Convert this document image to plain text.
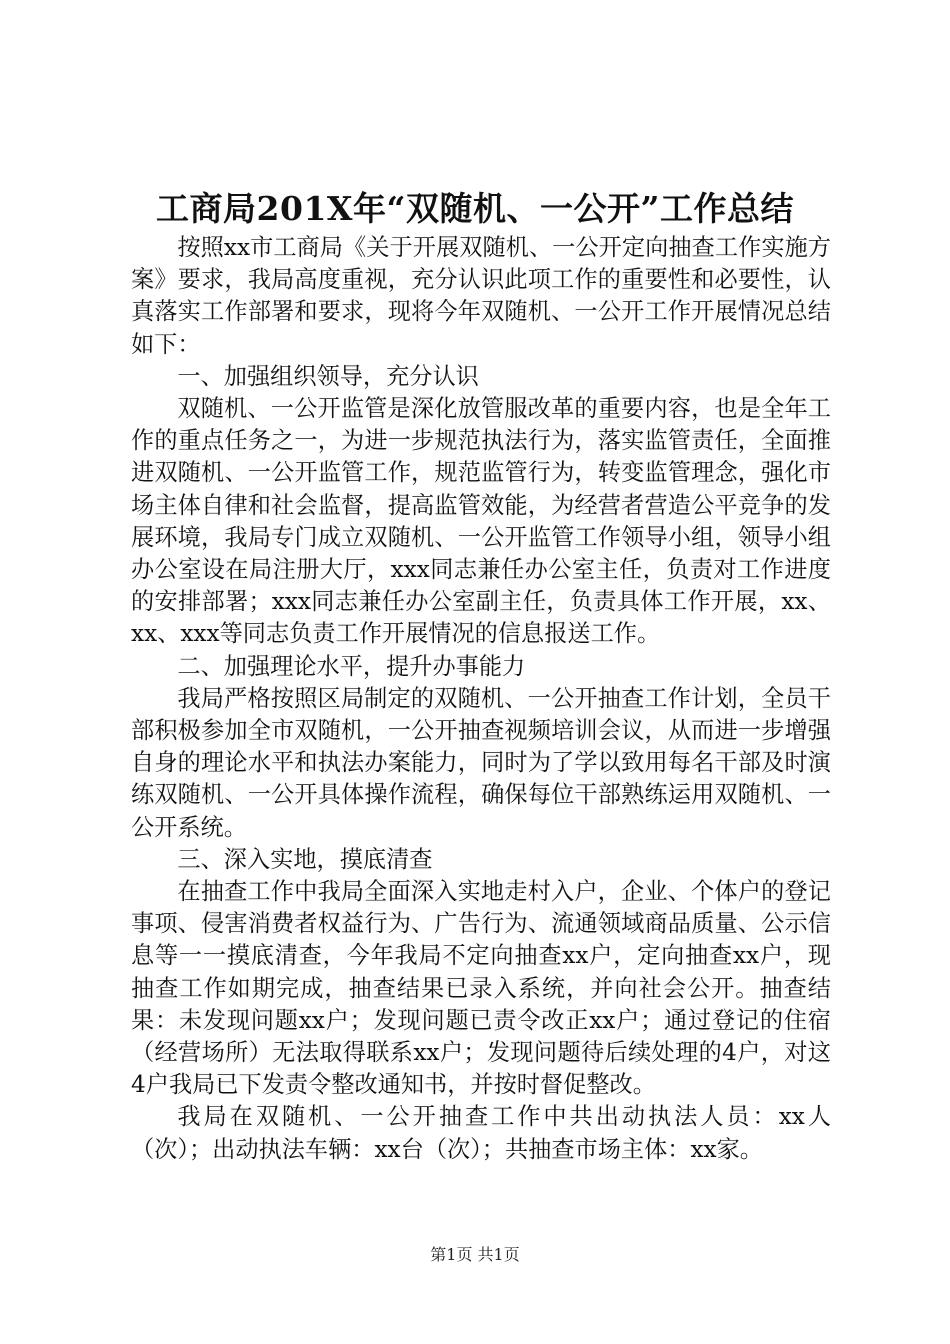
工商局201X年“双随机、一公开”工作总结

按照xx市工商局《关于开展双随机、一公开定向抽查工作实施方案》要求，我局高度重视，充分认识此项工作的重要性和必要性，认真落实工作部署和要求，现将今年双随机、一公开工作开展情况总结如下：

一、加强组织领导，充分认识

双随机、一公开监管是深化放管服改革的重要内容，也是全年工作的重点任务之一，为进一步规范执法行为，落实监管责任，全面推进双随机、一公开监管工作，规范监管行为，转变监管理念，强化市场主体自律和社会监督，提高监管效能，为经营者营造公平竞争的发展环境，我局专门成立双随机、一公开监管工作领导小组，领导小组办公室设在局注册大厅，xxx同志兼任办公室主任，负责对工作进度的安排部署；xxx同志兼任办公室副主任，负责具体工作开展，xx、xx、xxx等同志负责工作开展情况的信息报送工作。

二、加强理论水平，提升办事能力

我局严格按照区局制定的双随机、一公开抽查工作计划，全员干部积极参加全市双随机，一公开抽查视频培训会议，从而进一步增强自身的理论水平和执法办案能力，同时为了学以致用每名干部及时演练双随机、一公开具体操作流程，确保每位干部熟练运用双随机、一公开系统。

三、深入实地，摸底清查

在抽查工作中我局全面深入实地走村入户，企业、个体户的登记事项、侵害消费者权益行为、广告行为、流通领域商品质量、公示信息等一一摸底清查，今年我局不定向抽查xx户，定向抽查xx户，现抽查工作如期完成，抽查结果已录入系统，并向社会公开。抽查结果：未发现问题xx户；发现问题已责令改正xx户；通过登记的住宿（经营场所）无法取得联系xx户；发现问题待后续处理的4户，对这4户我局已下发责令整改通知书，并按时督促整改。

我局在双随机、一公开抽查工作中共出动执法人员：xx人（次）；出动执法车辆：xx台（次）；共抽查市场主体：xx家。

第1页 共1页
